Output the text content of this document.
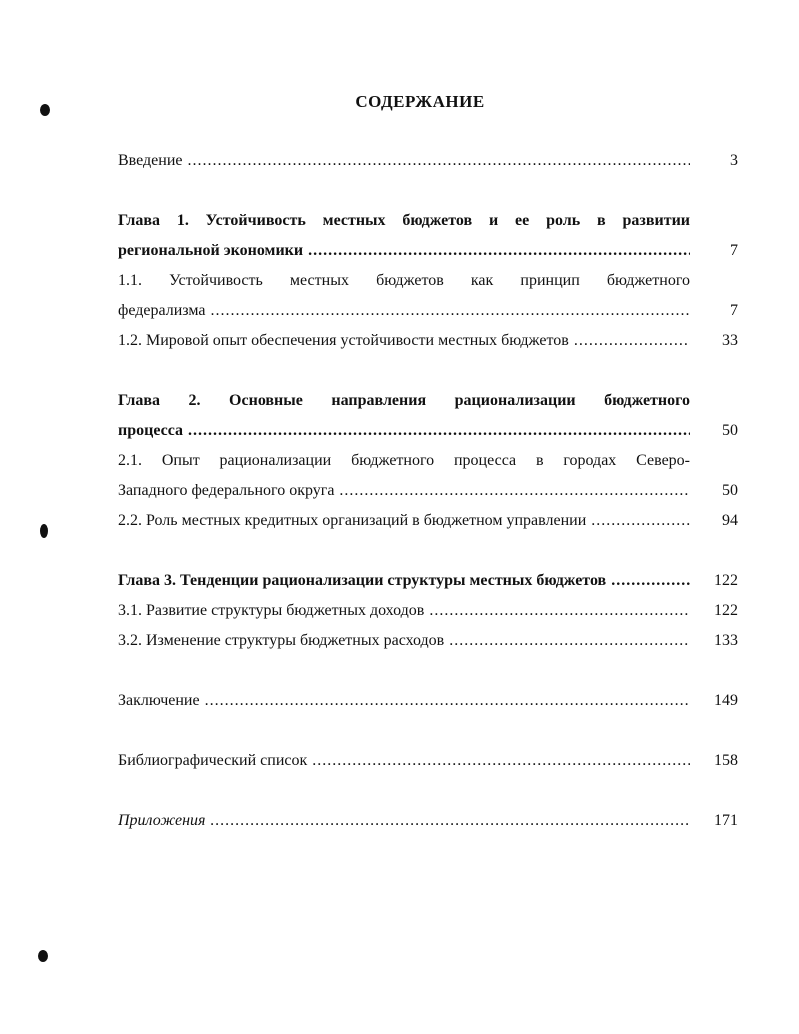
СОДЕРЖАНИЕ
Введение .....	3
Глава 1. Устойчивость местных бюджетов и ее роль в развитии
региональной экономики .....	7
1.1. Устойчивость местных бюджетов как принцип бюджетного
федерализма .....	7
1.2. Мировой опыт обеспечения устойчивости местных бюджетов .....	33
Глава 2. Основные направления рационализации бюджетного
процесса .....	50
2.1. Опыт рационализации бюджетного процесса в городах Северо-
Западного федерального округа .....	50
2.2. Роль местных кредитных организаций в бюджетном управлении .....	94
Глава 3. Тенденции рационализации структуры местных бюджетов .....	122
3.1. Развитие структуры бюджетных доходов .....	122
3.2. Изменение структуры бюджетных расходов .....	133
Заключение .....	149
Библиографический список .....	158
Приложения .....	171
